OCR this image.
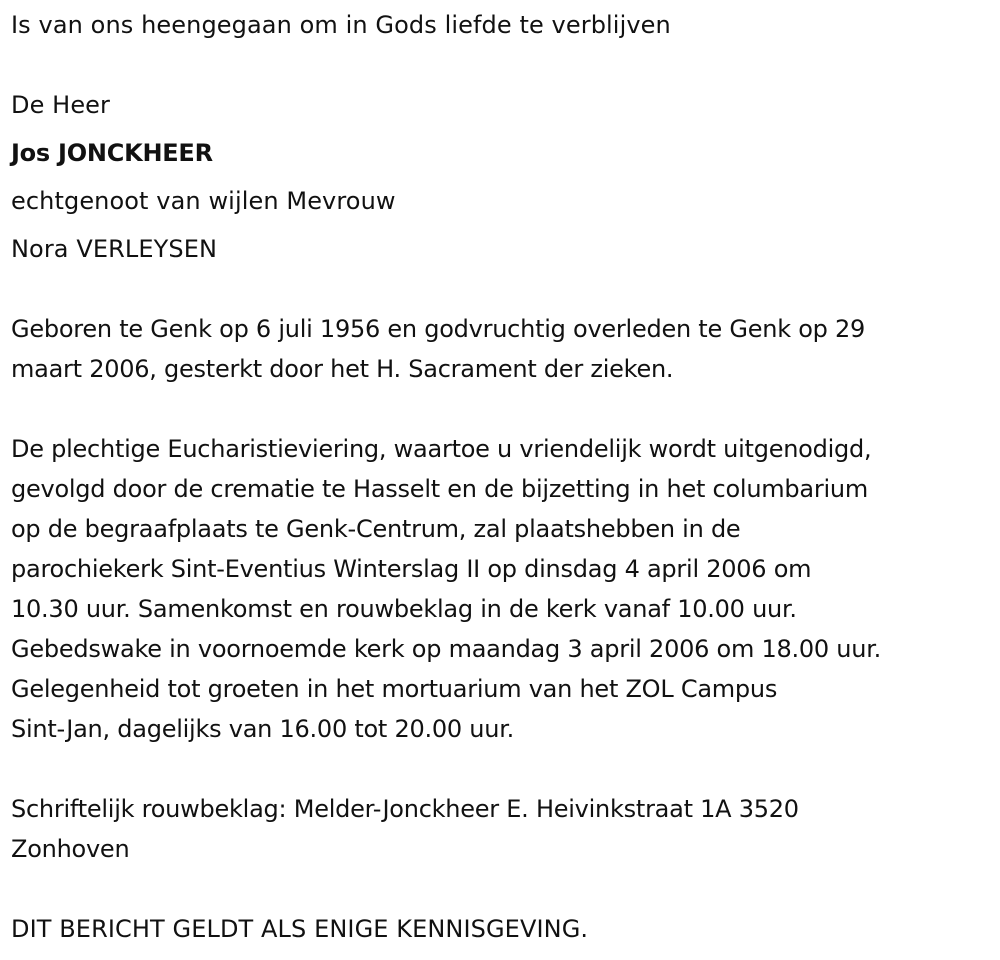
Is van ons heengegaan om in Gods liefde te verblijven
De Heer
Jos JONCKHEER
echtgenoot van wijlen Mevrouw
Nora VERLEYSEN
Geboren te Genk op 6 juli 1956 en godvruchtig overleden te Genk op 29
maart 2006, gesterkt door het H. Sacrament der zieken.
De plechtige Eucharistieviering, waartoe u vriendelijk wordt uitgenodigd,
gevolgd door de crematie te Hasselt en de bijzetting in het columbarium
op de begraafplaats te Genk-Centrum, zal plaatshebben in de
parochiekerk Sint-Eventius Winterslag II op dinsdag 4 april 2006 om
10.30 uur. Samenkomst en rouwbeklag in de kerk vanaf 10.00 uur.
Gebedswake in voornoemde kerk op maandag 3 april 2006 om 18.00 uur.
Gelegenheid tot groeten in het mortuarium van het ZOL Campus
Sint-Jan, dagelijks van 16.00 tot 20.00 uur.
Schriftelijk rouwbeklag: Melder-Jonckheer E. Heivinkstraat 1A 3520
Zonhoven
DIT BERICHT GELDT ALS ENIGE KENNISGEVING.
